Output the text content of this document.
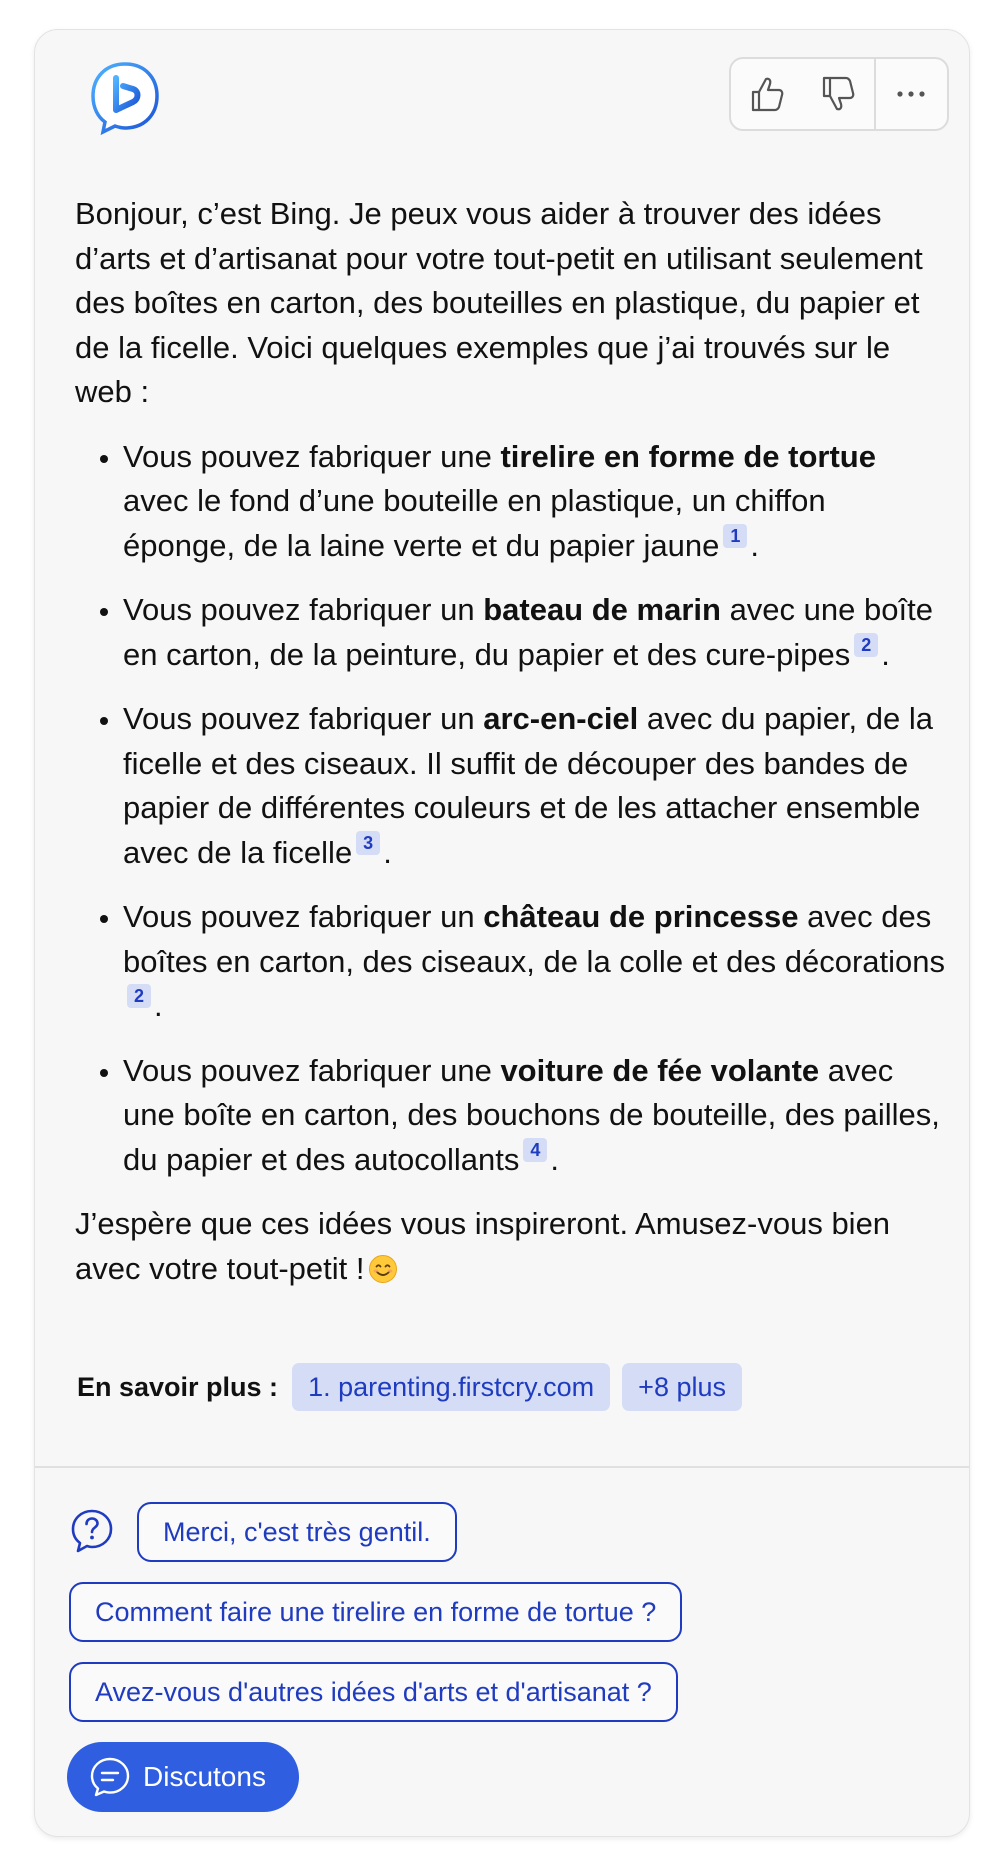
Bonjour, c’est Bing. Je peux vous aider à trouver des idées d’arts et d’artisanat pour votre tout-petit en utilisant seulement des boîtes en carton, des bouteilles en plastique, du papier et de la ficelle. Voici quelques exemples que j’ai trouvés sur le web :

• Vous pouvez fabriquer une tirelire en forme de tortue avec le fond d’une bouteille en plastique, un chiffon éponge, de la laine verte et du papier jaune 1 .
• Vous pouvez fabriquer un bateau de marin avec une boîte en carton, de la peinture, du papier et des cure-pipes 2 .
• Vous pouvez fabriquer un arc-en-ciel avec du papier, de la ficelle et des ciseaux. Il suffit de découper des bandes de papier de différentes couleurs et de les attacher ensemble avec de la ficelle 3 .
• Vous pouvez fabriquer un château de princesse avec des boîtes en carton, des ciseaux, de la colle et des décorations2 .
• Vous pouvez fabriquer une voiture de fée volante avec une boîte en carton, des bouchons de bouteille, des pailles, du papier et des autocollants 4 .

J’espère que ces idées vous inspireront. Amusez-vous bien avec votre tout-petit !

En savoir plus :	1. parenting.firstcry.com	+8 plus
Merci, c'est très gentil.
Comment faire une tirelire en forme de tortue ?
Avez-vous d'autres idées d'arts et d'artisanat ?
Discutons
